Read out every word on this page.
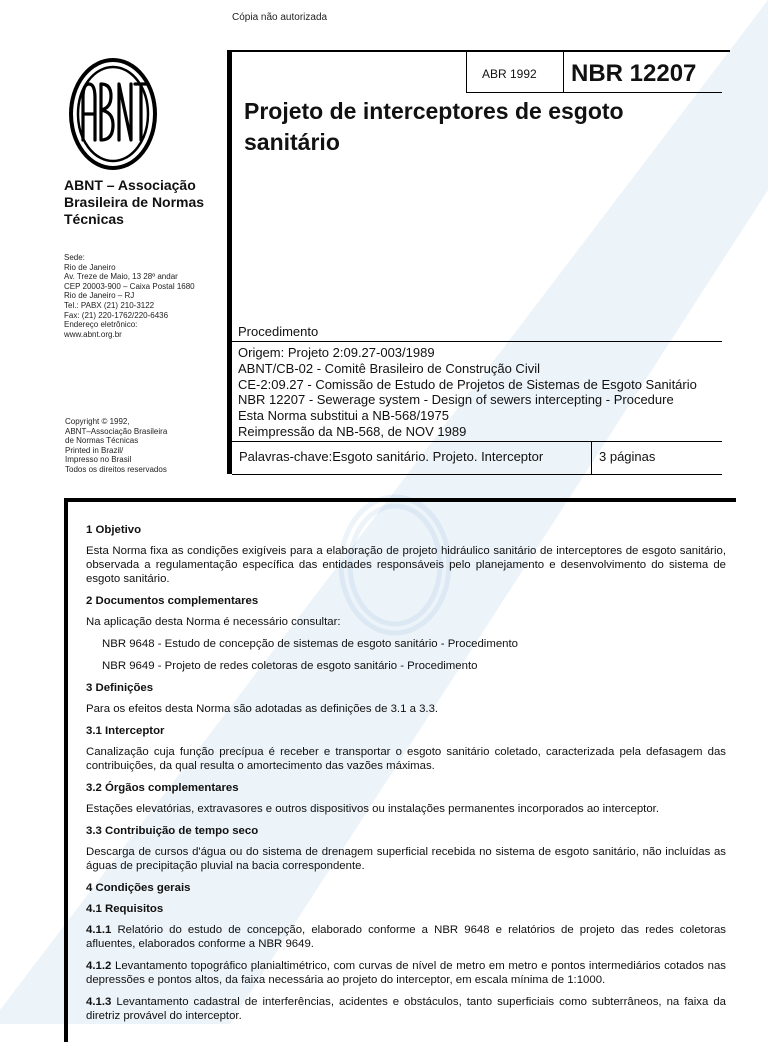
Cópia não autorizada
ABNT – Associação Brasileira de Normas Técnicas
Sede:
Rio de Janeiro
Av. Treze de Maio, 13 28º andar
CEP 20003-900 – Caixa Postal 1680
Rio de Janeiro – RJ
Tel.: PABX (21) 210-3122
Fax: (21) 220-1762/220-6436
Endereço eletrônico:
www.abnt.org.br
Copyright © 1992,
ABNT–Associação Brasileira
de Normas Técnicas
Printed in Brazil/
Impresso no Brasil
Todos os direitos reservados
ABR 1992 NBR 12207
Projeto de interceptores de esgoto sanitário
Procedimento
Origem: Projeto 2:09.27-003/1989
ABNT/CB-02 - Comitê Brasileiro de Construção Civil
CE-2:09.27 - Comissão de Estudo de Projetos de Sistemas de Esgoto Sanitário
NBR 12207 - Sewerage system - Design of sewers intercepting - Procedure
Esta Norma substitui a NB-568/1975
Reimpressão da NB-568, de NOV 1989
Palavras-chave:Esgoto sanitário. Projeto. Interceptor	3 páginas
1 Objetivo
Esta Norma fixa as condições exigíveis para a elaboração de projeto hidráulico sanitário de interceptores de esgoto sanitário, observada a regulamentação específica das entidades responsáveis pelo planejamento e desenvolvimento do sistema de esgoto sanitário.
2 Documentos complementares
Na aplicação desta Norma é necessário consultar:
NBR 9648 - Estudo de concepção de sistemas de esgoto sanitário - Procedimento
NBR 9649 - Projeto de redes coletoras de esgoto sanitário - Procedimento
3 Definições
Para os efeitos desta Norma são adotadas as definições de 3.1 a 3.3.
3.1 Interceptor
Canalização cuja função precípua é receber e transportar o esgoto sanitário coletado, caracterizada pela defasagem das contribuições, da qual resulta o amortecimento das vazões máximas.
3.2 Órgãos complementares
Estações elevatórias, extravasores e outros dispositivos ou instalações permanentes incorporados ao interceptor.
3.3 Contribuição de tempo seco
Descarga de cursos d'água ou do sistema de drenagem superficial recebida no sistema de esgoto sanitário, não incluídas as águas de precipitação pluvial na bacia correspondente.
4 Condições gerais
4.1 Requisitos
4.1.1 Relatório do estudo de concepção, elaborado conforme a NBR 9648 e relatórios de projeto das redes coletoras afluentes, elaborados conforme a NBR 9649.
4.1.2 Levantamento topográfico planialtimétrico, com curvas de nível de metro em metro e pontos intermediários cotados nas depressões e pontos altos, da faixa necessária ao projeto do interceptor, em escala mínima de 1:1000.
4.1.3 Levantamento cadastral de interferências, acidentes e obstáculos, tanto superficiais como subterrâneos, na faixa da diretriz provável do interceptor.
